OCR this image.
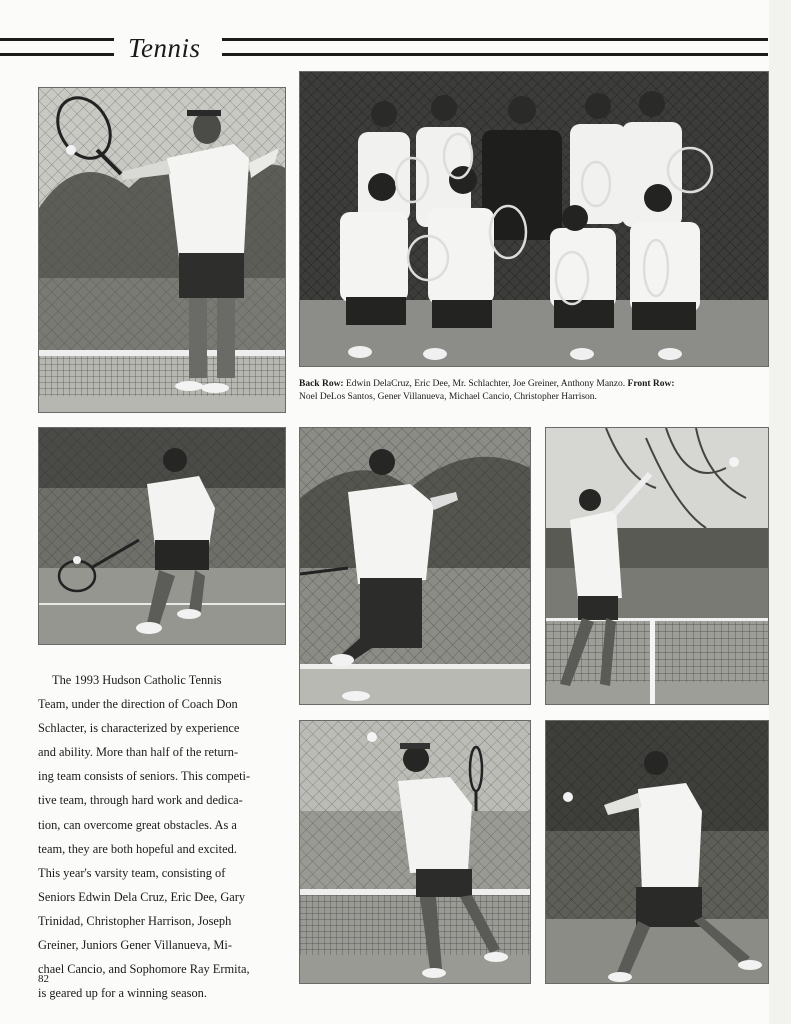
Tennis
Back Row: Edwin DelaCruz, Eric Dee, Mr. Schlachter, Joe Greiner, Anthony Manzo. Front Row:
Noel DeLos Santos, Gener Villanueva, Michael Cancio, Christopher Harrison.
The 1993 Hudson Catholic Tennis
Team, under the direction of Coach Don
Schlacter, is characterized by experience
and ability. More than half of the return-
ing team consists of seniors. This competi-
tive team, through hard work and dedica-
tion, can overcome great obstacles. As a
team, they are both hopeful and excited.
This year's varsity team, consisting of
Seniors Edwin Dela Cruz, Eric Dee, Gary
Trinidad, Christopher Harrison, Joseph
Greiner, Juniors Gener Villanueva, Mi-
chael Cancio, and Sophomore Ray Ermita,
is geared up for a winning season.
82
